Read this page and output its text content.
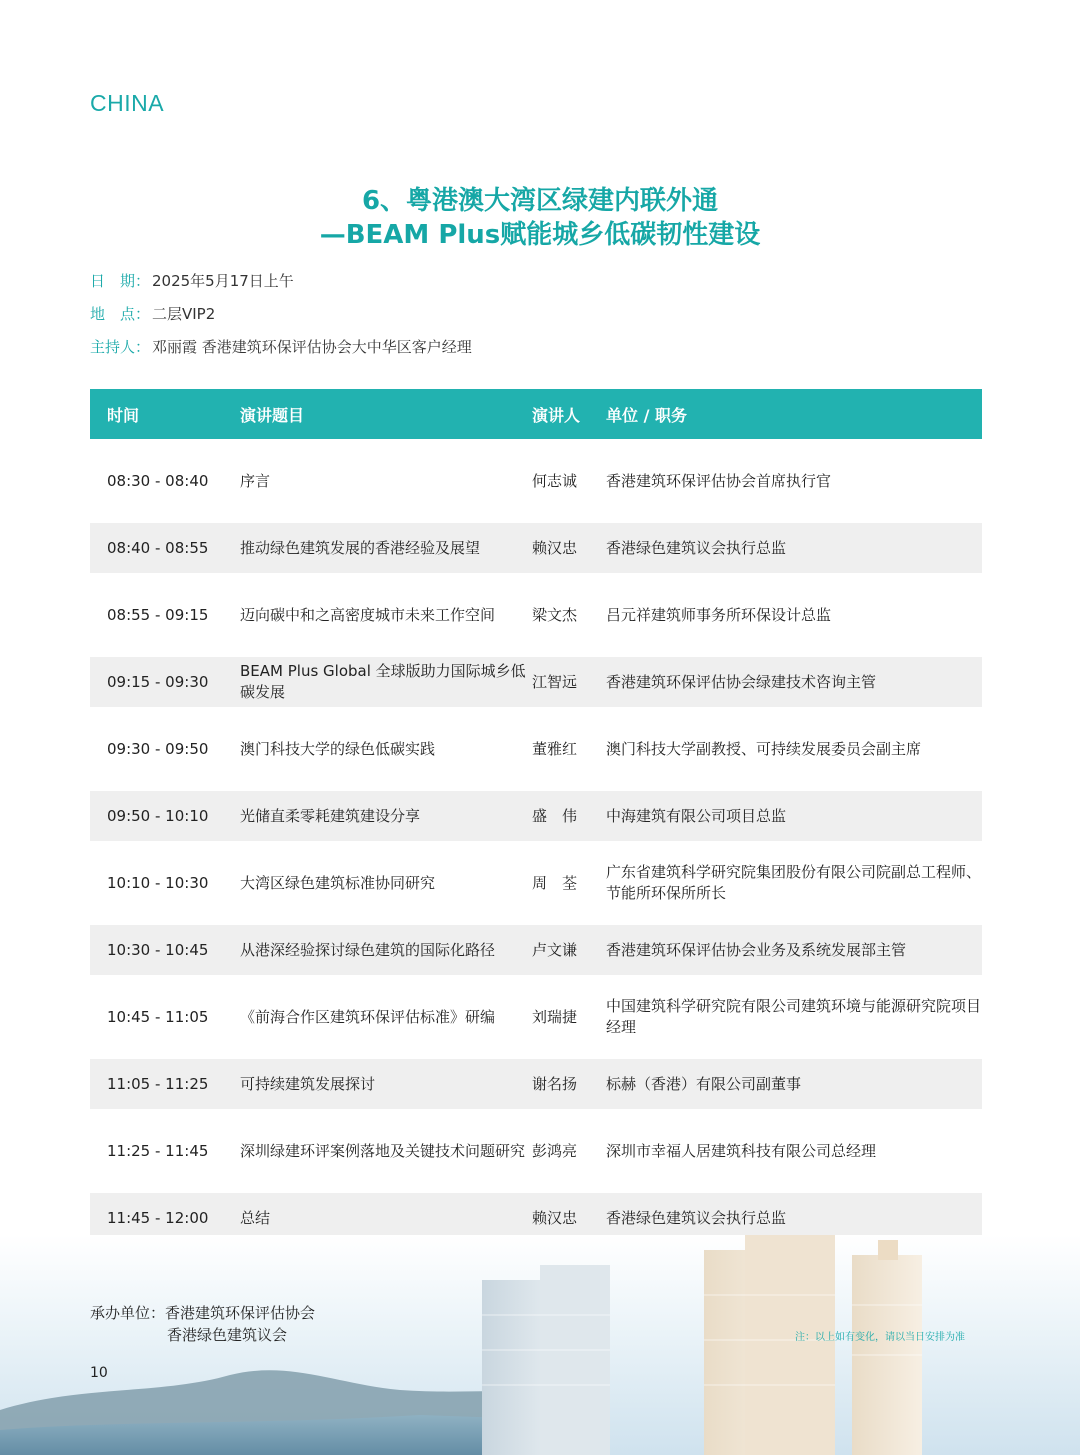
CHINA
6、粤港澳大湾区绿建内联外通
—BEAM Plus赋能城乡低碳韧性建设
日　期： 2025年5月17日上午
地　点： 二层VIP2
主持人： 邓丽霞 香港建筑环保评估协会大中华区客户经理
时间	演讲题目	演讲人	单位 / 职务

08:30 - 08:40	序言	何志诚	香港建筑环保评估协会首席执行官

08:40 - 08:55	推动绿色建筑发展的香港经验及展望	赖汉忠	香港绿色建筑议会执行总监

08:55 - 09:15	迈向碳中和之高密度城市未来工作空间	梁文杰	吕元祥建筑师事务所环保设计总监

09:15 - 09:30	BEAM Plus Global 全球版助力国际城乡低碳发展	江智远	香港建筑环保评估协会绿建技术咨询主管

09:30 - 09:50	澳门科技大学的绿色低碳实践	董雅红	澳门科技大学副教授、可持续发展委员会副主席

09:50 - 10:10	光储直柔零耗建筑建设分享	盛　伟	中海建筑有限公司项目总监

10:10 - 10:30	大湾区绿色建筑标准协同研究	周　荃	广东省建筑科学研究院集团股份有限公司院副总工程师、节能所环保所所长

10:30 - 10:45	从港深经验探讨绿色建筑的国际化路径	卢文谦	香港建筑环保评估协会业务及系统发展部主管

10:45 - 11:05	《前海合作区建筑环保评估标准》研编	刘瑞捷	中国建筑科学研究院有限公司建筑环境与能源研究院项目经理

11:05 - 11:25	可持续建筑发展探讨	谢名扬	标赫（香港）有限公司副董事

11:25 - 11:45	深圳绿建环评案例落地及关键技术问题研究	彭鸿亮	深圳市幸福人居建筑科技有限公司总经理

11:45 - 12:00	总结	赖汉忠	香港绿色建筑议会执行总监
承办单位：香港建筑环保评估协会
香港绿色建筑议会	注：以上如有变化，请以当日安排为准
10
